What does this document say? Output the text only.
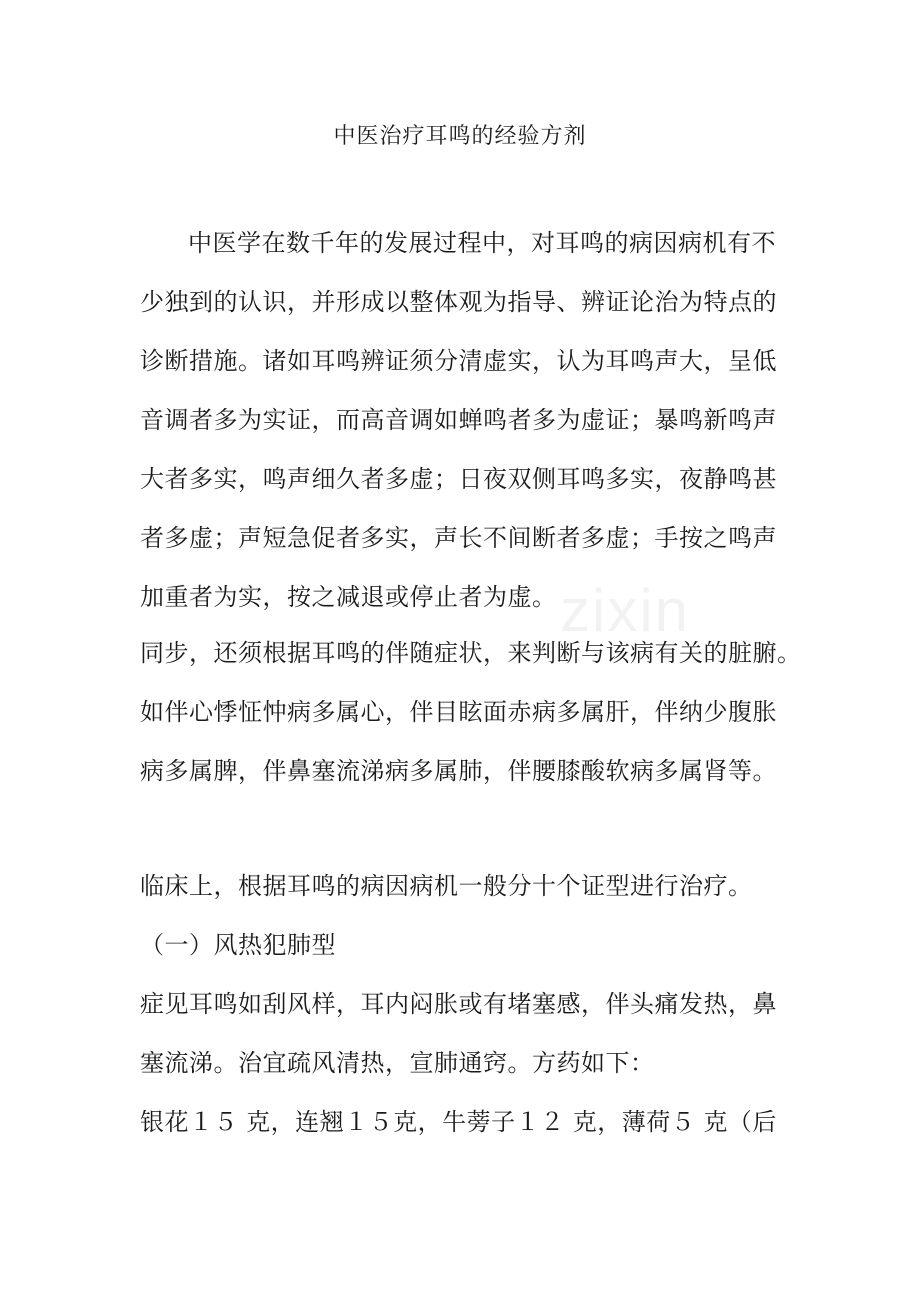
zixin
中医治疗耳鸣的经验方剂
中医学在数千年的发展过程中，对耳鸣的病因病机有不
少独到的认识，并形成以整体观为指导、辨证论治为特点的
诊断措施。诸如耳鸣辨证须分清虚实，认为耳鸣声大，呈低
音调者多为实证，而高音调如蝉鸣者多为虚证；暴鸣新鸣声
大者多实，鸣声细久者多虚；日夜双侧耳鸣多实，夜静鸣甚
者多虚；声短急促者多实，声长不间断者多虚；手按之鸣声
加重者为实，按之减退或停止者为虚。
同步，还须根据耳鸣的伴随症状，来判断与该病有关的脏腑。
如伴心悸怔忡病多属心，伴目眩面赤病多属肝，伴纳少腹胀
病多属脾，伴鼻塞流涕病多属肺，伴腰膝酸软病多属肾等。
临床上，根据耳鸣的病因病机一般分十个证型进行治疗。
（一）风热犯肺型
症见耳鸣如刮风样，耳内闷胀或有堵塞感，伴头痛发热，鼻
塞流涕。治宜疏风清热，宣肺通窍。方药如下：
银花１５ 克，连翘１５克，牛蒡子１２ 克，薄荷５ 克（后
